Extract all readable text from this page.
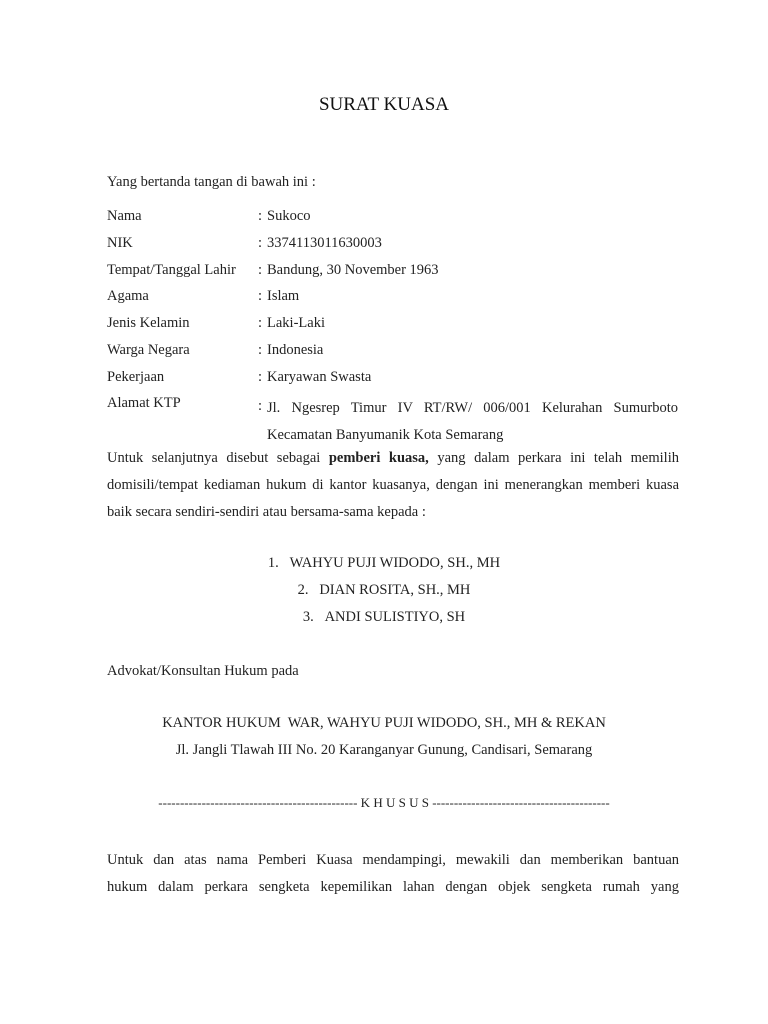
SURAT KUASA
Yang bertanda tangan di bawah ini :
Nama	: Sukoco
NIK	: 3374113011630003
Tempat/Tanggal Lahir : Bandung, 30 November 1963
Agama	: Islam
Jenis Kelamin	: Laki-Laki
Warga Negara	: Indonesia
Pekerjaan	: Karyawan Swasta
Alamat KTP	: Jl. Ngesrep Timur IV RT/RW/ 006/001 Kelurahan Sumurboto
Kecamatan Banyumanik Kota Semarang
Untuk selanjutnya disebut sebagai pemberi kuasa, yang dalam perkara ini telah memilih
domisili/tempat kediaman hukum di kantor kuasanya, dengan ini menerangkan memberi kuasa
baik secara sendiri-sendiri atau bersama-sama kepada :
1.   WAHYU PUJI WIDODO, SH., MH
2.   DIAN ROSITA, SH., MH
3.   ANDI SULISTIYO, SH
Advokat/Konsultan Hukum pada
KANTOR HUKUM  WAR, WAHYU PUJI WIDODO, SH., MH & REKAN
Jl. Jangli Tlawah III No. 20 Karanganyar Gunung, Candisari, Semarang
---------------------------------------------- K H U S U S -----------------------------------------
Untuk dan atas nama Pemberi Kuasa mendampingi, mewakili dan memberikan bantuan
hukum dalam perkara sengketa kepemilikan lahan dengan objek sengketa rumah yang
